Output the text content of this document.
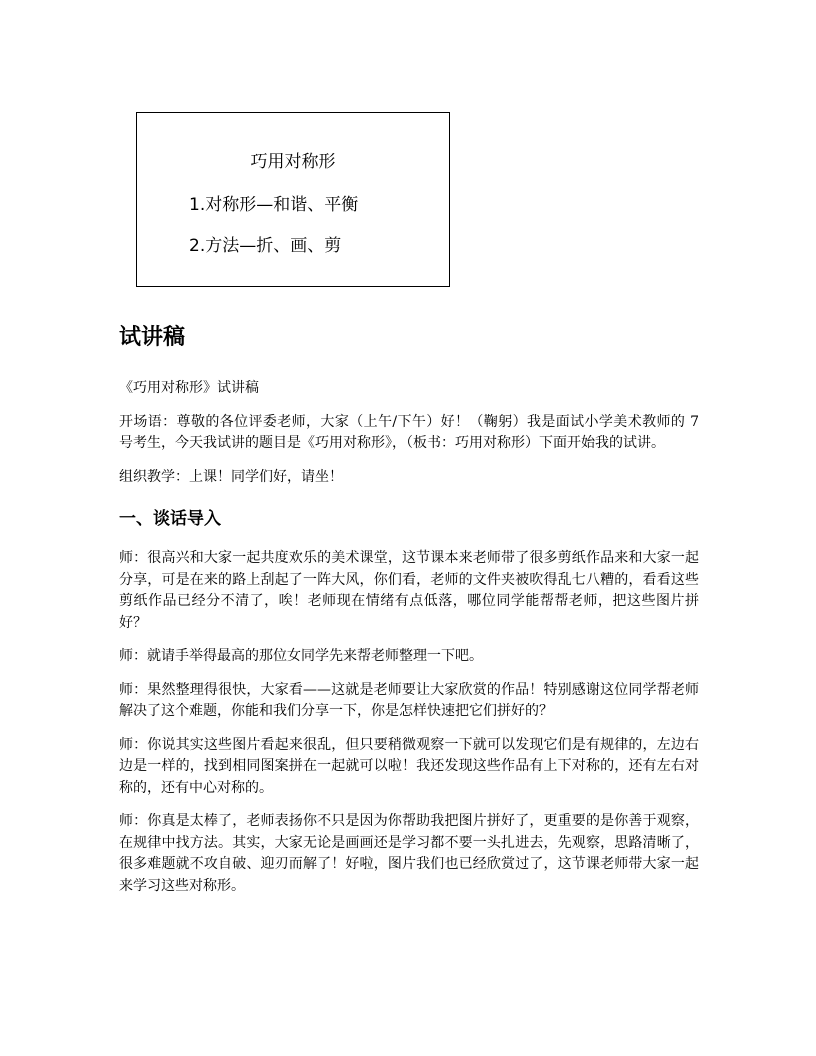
巧用对称形
1.对称形—和谐、平衡
2.方法—折、画、剪
试讲稿

《巧用对称形》试讲稿

开场语：尊敬的各位评委老师，大家（上午/下午）好！（鞠躬）我是面试小学美术教师的 7 号考生，今天我试讲的题目是《巧用对称形》，（板书：巧用对称形）下面开始我的试讲。

组织教学：上课！同学们好，请坐！

一、谈话导入

师：很高兴和大家一起共度欢乐的美术课堂，这节课本来老师带了很多剪纸作品来和大家一起分享，可是在来的路上刮起了一阵大风，你们看，老师的文件夹被吹得乱七八糟的，看看这些剪纸作品已经分不清了，唉！老师现在情绪有点低落，哪位同学能帮帮老师，把这些图片拼好？

师：就请手举得最高的那位女同学先来帮老师整理一下吧。

师：果然整理得很快，大家看——这就是老师要让大家欣赏的作品！特别感谢这位同学帮老师解决了这个难题，你能和我们分享一下，你是怎样快速把它们拼好的？

师：你说其实这些图片看起来很乱，但只要稍微观察一下就可以发现它们是有规律的，左边右边是一样的，找到相同图案拼在一起就可以啦！我还发现这些作品有上下对称的，还有左右对称的，还有中心对称的。

师：你真是太棒了，老师表扬你不只是因为你帮助我把图片拼好了，更重要的是你善于观察，在规律中找方法。其实，大家无论是画画还是学习都不要一头扎进去，先观察，思路清晰了，很多难题就不攻自破、迎刃而解了！好啦，图片我们也已经欣赏过了，这节课老师带大家一起来学习这些对称形。
